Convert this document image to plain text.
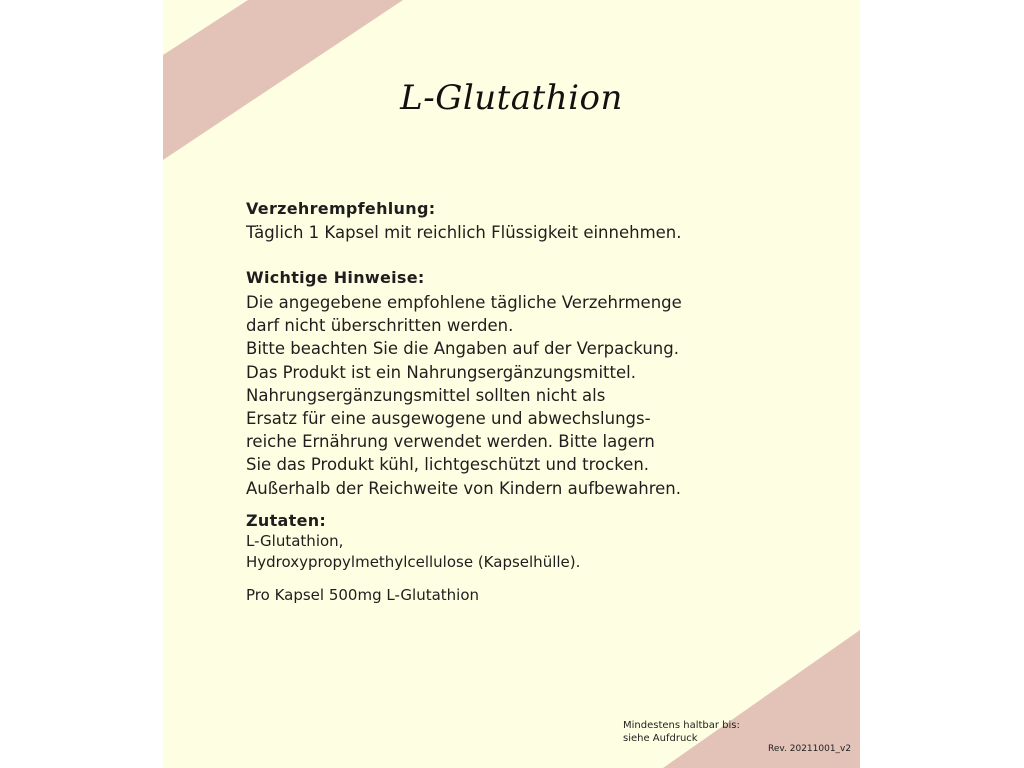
L-Glutathion
Verzehrempfehlung:
Täglich 1 Kapsel mit reichlich Flüssigkeit einnehmen.
Wichtige Hinweise:
Die angegebene empfohlene tägliche Verzehrmenge
darf nicht überschritten werden.
Bitte beachten Sie die Angaben auf der Verpackung.
Das Produkt ist ein Nahrungsergänzungsmittel.
Nahrungsergänzungsmittel sollten nicht als
Ersatz für eine ausgewogene und abwechslungs-
reiche Ernährung verwendet werden. Bitte lagern
Sie das Produkt kühl, lichtgeschützt und trocken.
Außerhalb der Reichweite von Kindern aufbewahren.
Zutaten:
L-Glutathion,
Hydroxypropylmethylcellulose (Kapselhülle).
Pro Kapsel 500mg L-Glutathion
Mindestens haltbar bis:
siehe Aufdruck
Rev. 20211001_v2
